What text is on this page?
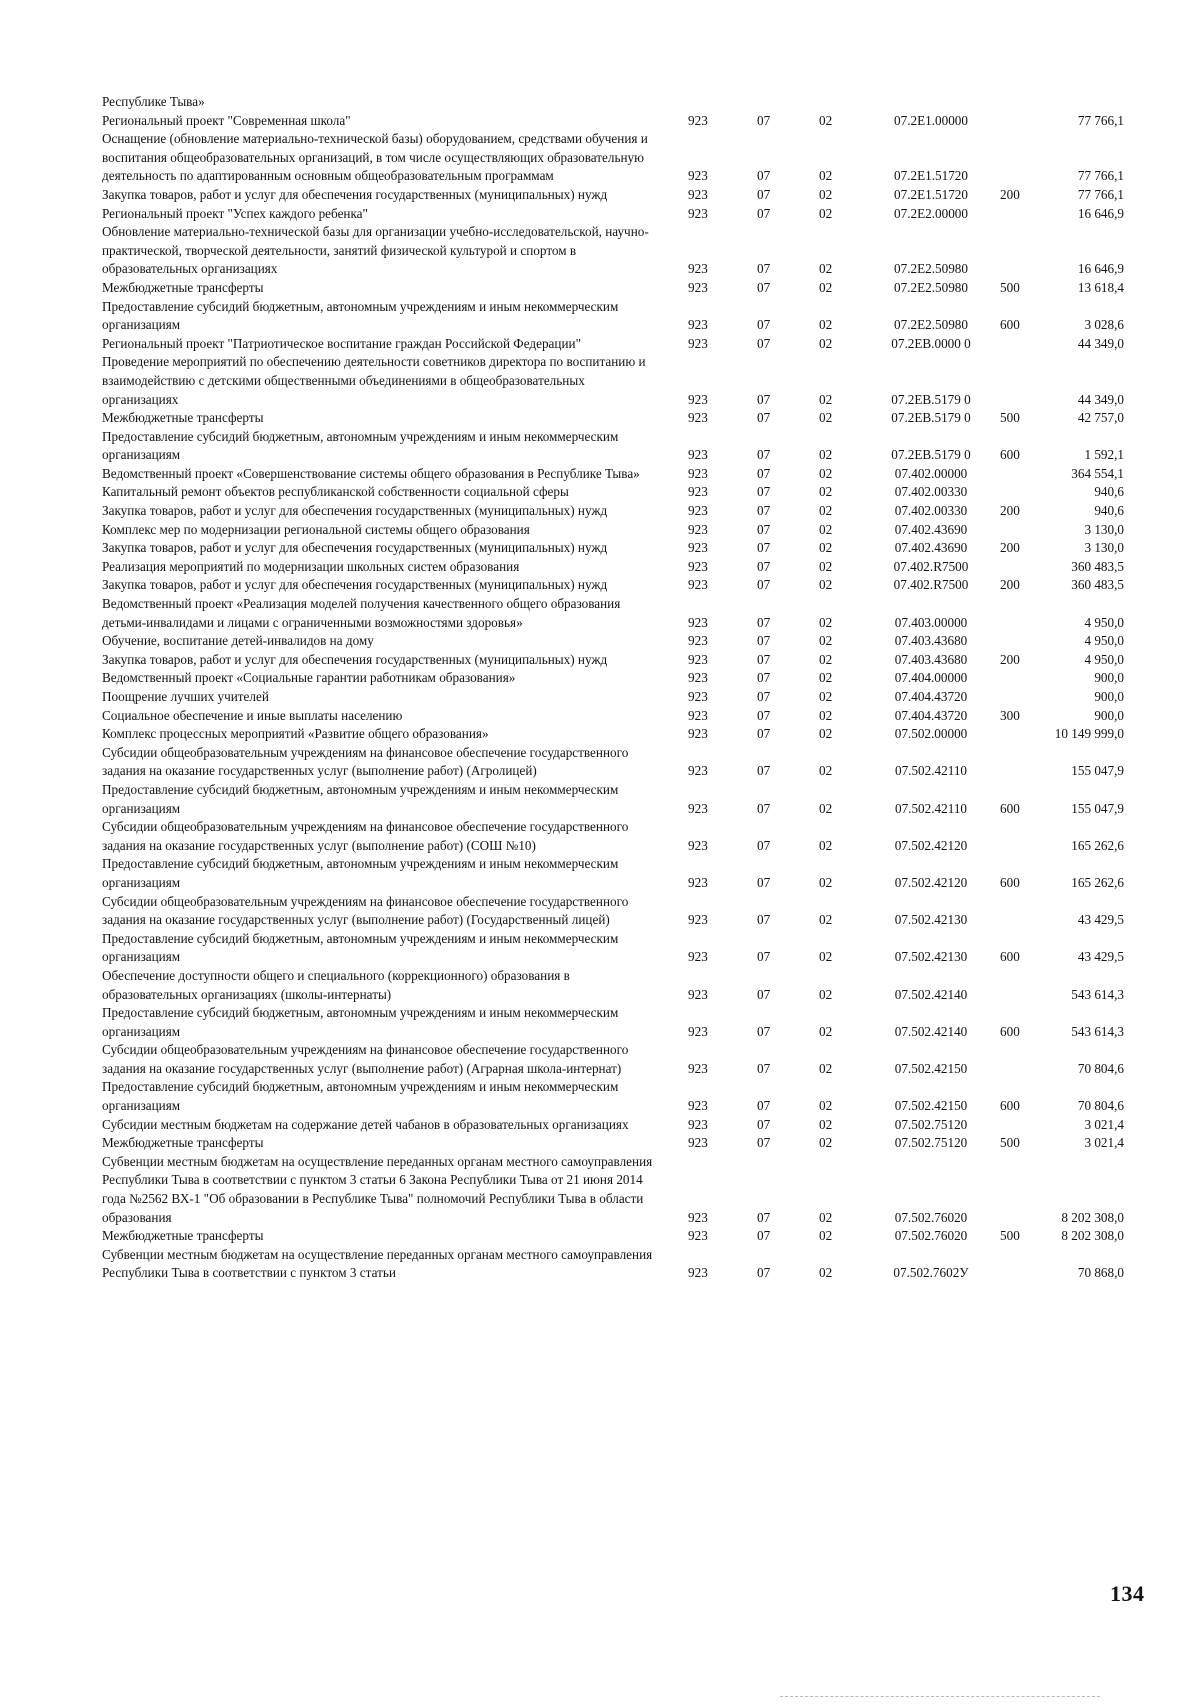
Республике Тыва»
Региональный проект "Современная школа"	923	07	02	07.2Е1.00000	77 766,1
Оснащение (обновление материально-технической базы) оборудованием, средствами обучения и воспитания общеобразовательных организаций, в том числе осуществляющих образовательную деятельность по адаптированным основным общеобразовательным программам	923	07	02	07.2Е1.51720	77 766,1
Закупка товаров, работ и услуг для обеспечения государственных (муниципальных) нужд	923	07	02	07.2Е1.51720	200	77 766,1
Региональный проект "Успех каждого ребенка"	923	07	02	07.2Е2.00000	16 646,9
Обновление материально-технической базы для организации учебно-исследовательской, научно-практической, творческой деятельности, занятий физической культурой и спортом в образовательных организациях	923	07	02	07.2Е2.50980	16 646,9
Межбюджетные трансферты	923	07	02	07.2Е2.50980	500	13 618,4
Предоставление субсидий бюджетным, автономным учреждениям и иным некоммерческим организациям	923	07	02	07.2Е2.50980	600	3 028,6
Региональный проект "Патриотическое воспитание граждан Российской Федерации"	923	07	02	07.2ЕВ.0000 0	44 349,0
Проведение мероприятий по обеспечению деятельности советников директора по воспитанию и взаимодействию с детскими общественными объединениями в общеобразовательных организациях	923	07	02	07.2ЕВ.5179 0	44 349,0
Межбюджетные трансферты	923	07	02	07.2ЕВ.5179 0	500	42 757,0
Предоставление субсидий бюджетным, автономным учреждениям и иным некоммерческим организациям	923	07	02	07.2ЕВ.5179 0	600	1 592,1
Ведомственный проект «Совершенствование системы общего образования в Республике Тыва»	923	07	02	07.402.00000	364 554,1
Капитальный ремонт объектов республиканской собственности социальной сферы	923	07	02	07.402.00330	940,6
Закупка товаров, работ и услуг для обеспечения государственных (муниципальных) нужд	923	07	02	07.402.00330	200	940,6
Комплекс мер по модернизации региональной системы общего образования	923	07	02	07.402.43690	3 130,0
Закупка товаров, работ и услуг для обеспечения государственных (муниципальных) нужд	923	07	02	07.402.43690	200	3 130,0
Реализация мероприятий по модернизации школьных систем образования	923	07	02	07.402.R7500	360 483,5
Закупка товаров, работ и услуг для обеспечения государственных (муниципальных) нужд	923	07	02	07.402.R7500	200	360 483,5
Ведомственный проект «Реализация моделей получения качественного общего образования детьми-инвалидами и лицами с ограниченными возможностями здоровья»	923	07	02	07.403.00000	4 950,0
Обучение, воспитание детей-инвалидов на дому	923	07	02	07.403.43680	4 950,0
Закупка товаров, работ и услуг для обеспечения государственных (муниципальных) нужд	923	07	02	07.403.43680	200	4 950,0
Ведомственный проект «Социальные гарантии работникам образования»	923	07	02	07.404.00000	900,0
Поощрение лучших учителей	923	07	02	07.404.43720	900,0
Социальное обеспечение и иные выплаты населению	923	07	02	07.404.43720	300	900,0
Комплекс процессных мероприятий «Развитие общего образования»	923	07	02	07.502.00000	10 149 999,0
Субсидии общеобразовательным учреждениям на финансовое обеспечение государственного задания на оказание государственных услуг (выполнение работ) (Агролицей)	923	07	02	07.502.42110	155 047,9
Предоставление субсидий бюджетным, автономным учреждениям и иным некоммерческим организациям	923	07	02	07.502.42110	600	155 047,9
Субсидии общеобразовательным учреждениям на финансовое обеспечение государственного задания на оказание государственных услуг (выполнение работ) (СОШ №10)	923	07	02	07.502.42120	165 262,6
Предоставление субсидий бюджетным, автономным учреждениям и иным некоммерческим организациям	923	07	02	07.502.42120	600	165 262,6
Субсидии общеобразовательным учреждениям на финансовое обеспечение государственного задания на оказание государственных услуг (выполнение работ) (Государственный лицей)	923	07	02	07.502.42130	43 429,5
Предоставление субсидий бюджетным, автономным учреждениям и иным некоммерческим организациям	923	07	02	07.502.42130	600	43 429,5
Обеспечение доступности общего и специального (коррекционного) образования в образовательных организациях (школы-интернаты)	923	07	02	07.502.42140	543 614,3
Предоставление субсидий бюджетным, автономным учреждениям и иным некоммерческим организациям	923	07	02	07.502.42140	600	543 614,3
Субсидии общеобразовательным учреждениям на финансовое обеспечение государственного задания на оказание государственных услуг (выполнение работ) (Аграрная школа-интернат)	923	07	02	07.502.42150	70 804,6
Предоставление субсидий бюджетным, автономным учреждениям и иным некоммерческим организациям	923	07	02	07.502.42150	600	70 804,6
Субсидии местным бюджетам на содержание детей чабанов в образовательных организациях	923	07	02	07.502.75120	3 021,4
Межбюджетные трансферты	923	07	02	07.502.75120	500	3 021,4
Субвенции местным бюджетам на осуществление переданных органам местного самоуправления Республики Тыва в соответствии с пунктом 3 статьи 6 Закона Республики Тыва от 21 июня 2014 года №2562 ВХ-1 "Об образовании в Республике Тыва" полномочий Республики Тыва в области образования	923	07	02	07.502.76020	8 202 308,0
Межбюджетные трансферты	923	07	02	07.502.76020	500	8 202 308,0
Субвенции местным бюджетам на осуществление переданных органам местного самоуправления Республики Тыва в соответствии с пунктом 3 статьи	923	07	02	07.502.7602У	70 868,0
134
